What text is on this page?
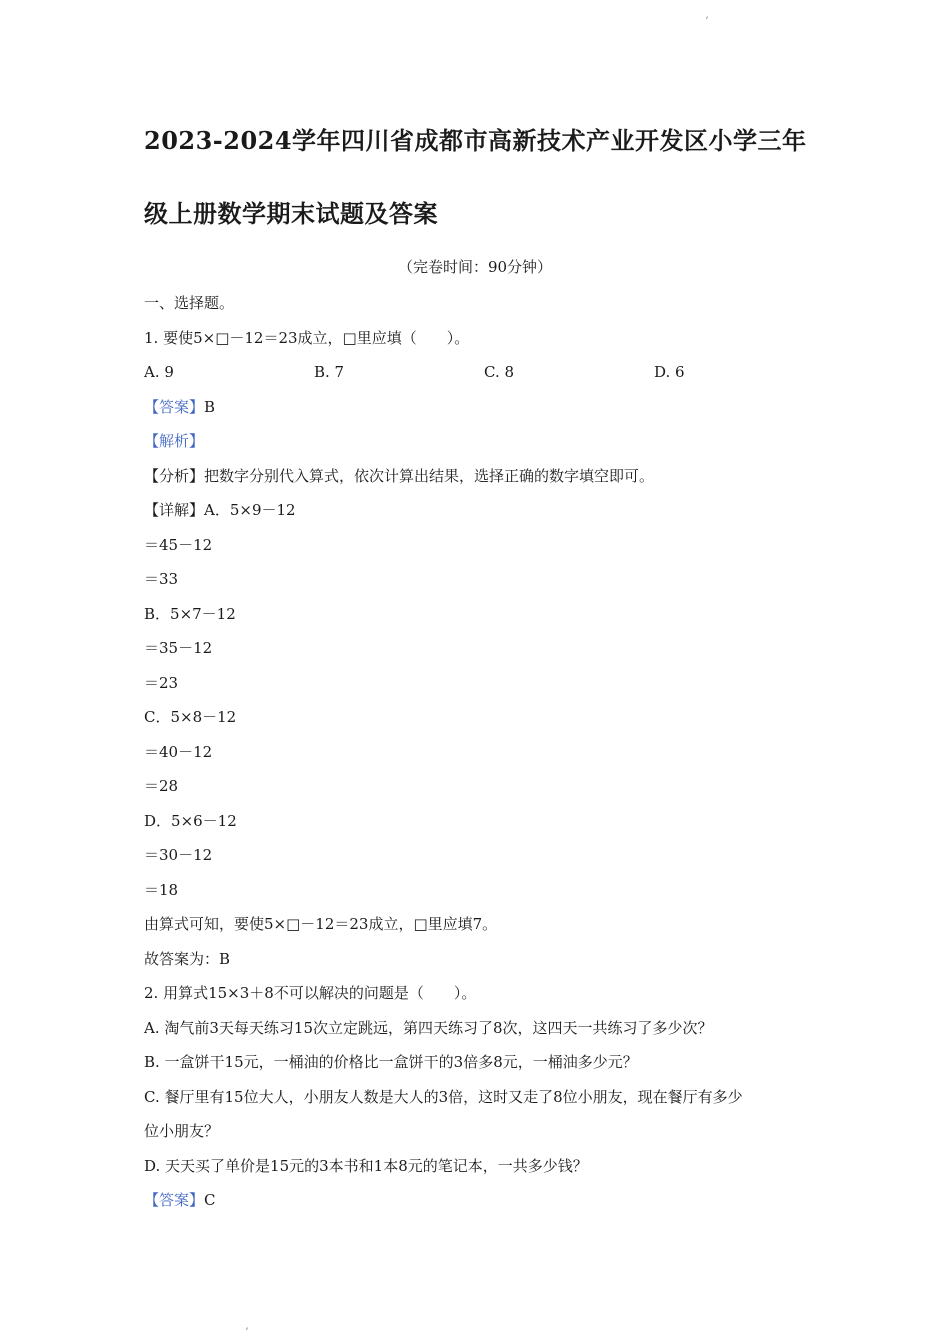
ʼ
2023-2024学年四川省成都市高新技术产业开发区小学三年
级上册数学期末试题及答案
（完卷时间：90分钟）
一、选择题。
1. 要使5×□－12＝23成立，□里应填（　　）。
A. 9	B. 7	C. 8	D. 6
【答案】B
【解析】
【分析】把数字分别代入算式，依次计算出结果，选择正确的数字填空即可。
【详解】A．5×9－12
＝45－12
＝33
B．5×7－12
＝35－12
＝23
C．5×8－12
＝40－12
＝28
D．5×6－12
＝30－12
＝18
由算式可知，要使5×□－12＝23成立，□里应填7。
故答案为：B
2. 用算式15×3＋8不可以解决的问题是（　　）。
A. 淘气前3天每天练习15次立定跳远，第四天练习了8次，这四天一共练习了多少次？
B. 一盒饼干15元，一桶油的价格比一盒饼干的3倍多8元，一桶油多少元？
C. 餐厅里有15位大人，小朋友人数是大人的3倍，这时又走了8位小朋友，现在餐厅有多少
位小朋友？
D. 天天买了单价是15元的3本书和1本8元的笔记本，一共多少钱？
【答案】C
ʼ
